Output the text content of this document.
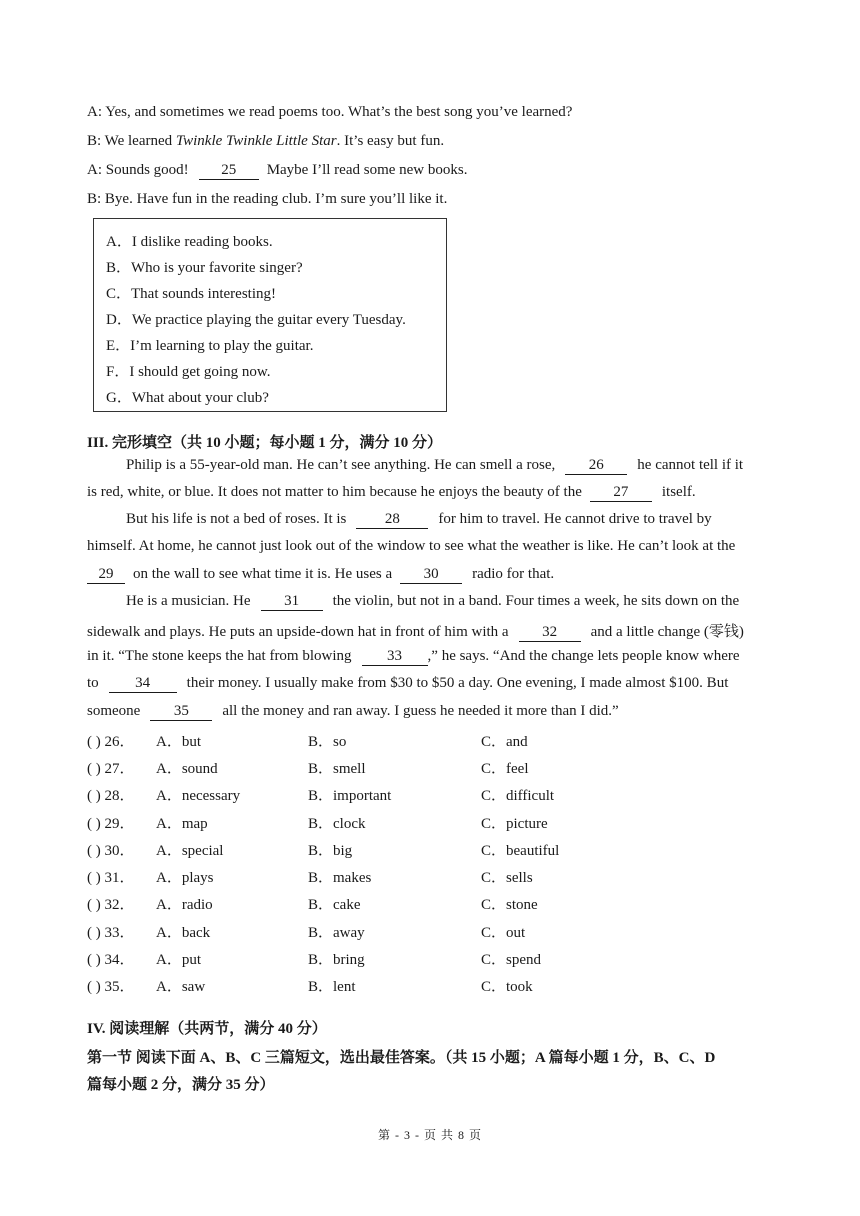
A: Yes, and sometimes we read poems too. What’s the best song you’ve learned?
B: We learned Twinkle Twinkle Little Star. It’s easy but fun.
A: Sounds good! 25 Maybe I’ll read some new books.
B: Bye. Have fun in the reading club. I’m sure you’ll like it.
A．I dislike reading books.
B．Who is your favorite singer?
C．That sounds interesting!
D．We practice playing the guitar every Tuesday.
E．I’m learning to play the guitar.
F．I should get going now.
G．What about your club?
III. 完形填空（共 10 小题；每小题 1 分，满分 10 分）
Philip is a 55-year-old man. He can’t see anything. He can smell a rose, 26 he cannot tell if it
is red, white, or blue. It does not matter to him because he enjoys the beauty of the 27 itself.
But his life is not a bed of roses. It is	28	for him to travel. He cannot drive to travel by
himself. At home, he cannot just look out of the window to see what the weather is like. He can’t look at the
29 on the wall to see what time it is. He uses a 30 radio for that.
He is a musician. He 31 the violin, but not in a band. Four times a week, he sits down on the
sidewalk and plays. He puts an upside-down hat in front of him with a 32 and a little change (零钱)
in it. “The stone keeps the hat from blowing 33 ,” he says. “And the change lets people know where
to 34 their money. I usually make from $30 to $50 a day. One evening, I made almost $100. But
someone 35 all the money and ran away. I guess he needed it more than I did.”
( ) 26． A．but	B．so	C．and
( ) 27． A．sound	B．smell	C．feel
( ) 28． A．necessary	B．important	C．difficult
( ) 29． A．map	B．clock	C．picture
( ) 30． A．special	B．big	C．beautiful
( ) 31． A．plays	B．makes	C．sells
( ) 32． A．radio	B．cake	C．stone
( ) 33． A．back	B．away	C．out
( ) 34． A．put	B．bring	C．spend
( ) 35． A．saw	B．lent	C．took
IV. 阅读理解（共两节，满分 40 分）
第一节 阅读下面 A、B、C 三篇短文，选出最佳答案。（共 15 小题；A 篇每小题 1 分，B、C、D
篇每小题 2 分，满分 35 分）
第 - 3 - 页 共 8 页
